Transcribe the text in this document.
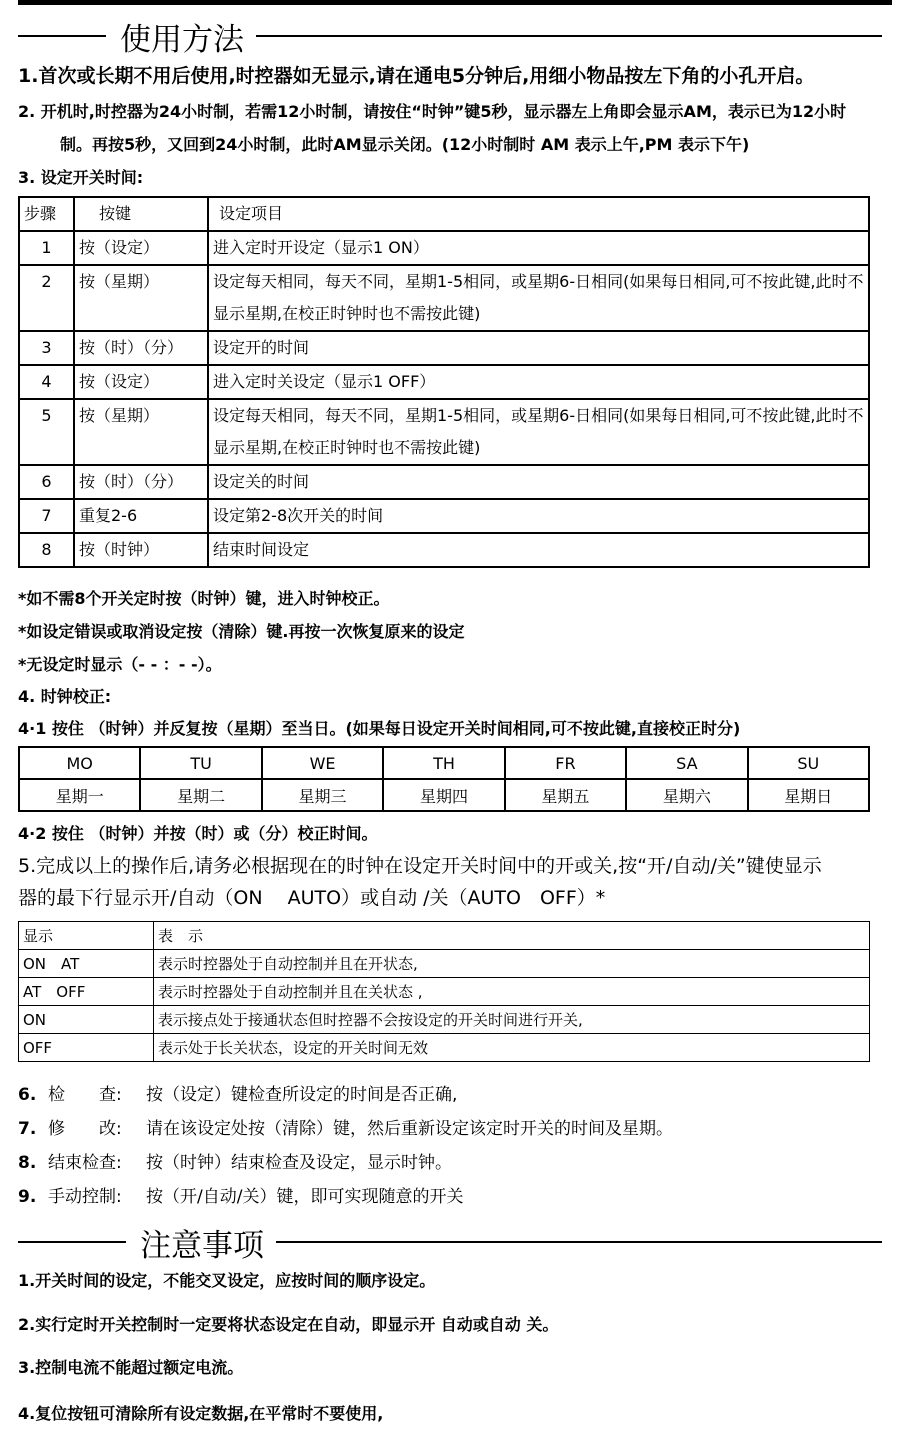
使用方法
1.首次或长期不用后使用,时控器如无显示,请在通电5分钟后,用细小物品按左下角的小孔开启。
2. 开机时,时控器为24小时制，若需12小时制，请按住“时钟”键5秒，显示器左上角即会显示AM，表示已为12小时
制。再按5秒，又回到24小时制，此时AM显示关闭。(12小时制时 AM 表示上午,PM 表示下午)
3. 设定开关时间:
步骤	按键	设定项目
1	按（设定）	进入定时开设定（显示1 ON）
2	按（星期）	设定每天相同，每天不同，星期1-5相同，或星期6-日相同(如果每日相同,可不按此键,此时不显示星期,在校正时钟时也不需按此键)
3	按（时）（分）	设定开的时间
4	按（设定）	进入定时关设定（显示1 OFF）
5	按（星期）	设定每天相同，每天不同，星期1-5相同，或星期6-日相同(如果每日相同,可不按此键,此时不显示星期,在校正时钟时也不需按此键)
6	按（时）（分）	设定关的时间
7	重复2-6	设定第2-8次开关的时间
8	按（时钟）	结束时间设定
*如不需8个开关定时按（时钟）键，进入时钟校正。
*如设定错误或取消设定按（清除）键.再按一次恢复原来的设定
*无设定时显示（- - ：- -）。
4. 时钟校正:
4·1 按住 （时钟）并反复按（星期）至当日。(如果每日设定开关时间相同,可不按此键,直接校正时分)
MO	TU	WE	TH	FR	SA	SU
星期一	星期二	星期三	星期四	星期五	星期六	星期日
4·2 按住 （时钟）并按（时）或（分）校正时间。
5.完成以上的操作后,请务必根据现在的时钟在设定开关时间中的开或关,按“开/自动/关”键使显示
器的最下行显示开/自动（ON　 AUTO）或自动 /关（AUTO　OFF）*
显示	表　示
ON　AT	表示时控器处于自动控制并且在开状态,
AT　OFF	表示时控器处于自动控制并且在关状态 ,
ON	表示接点处于接通状态但时控器不会按设定的开关时间进行开关,
OFF	表示处于长关状态，设定的开关时间无效
6. 检　　查:	按（设定）键检查所设定的时间是否正确,
7. 修　　改:	请在该设定处按（清除）键，然后重新设定该定时开关的时间及星期。
8. 结束检查:	按（时钟）结束检查及设定，显示时钟。
9. 手动控制:	按（开/自动/关）键，即可实现随意的开关
注意事项
1.开关时间的设定，不能交叉设定，应按时间的顺序设定。
2.实行定时开关控制时一定要将状态设定在自动，即显示开 自动或自动 关。
3.控制电流不能超过额定电流。
4.复位按钮可清除所有设定数据,在平常时不要使用,
